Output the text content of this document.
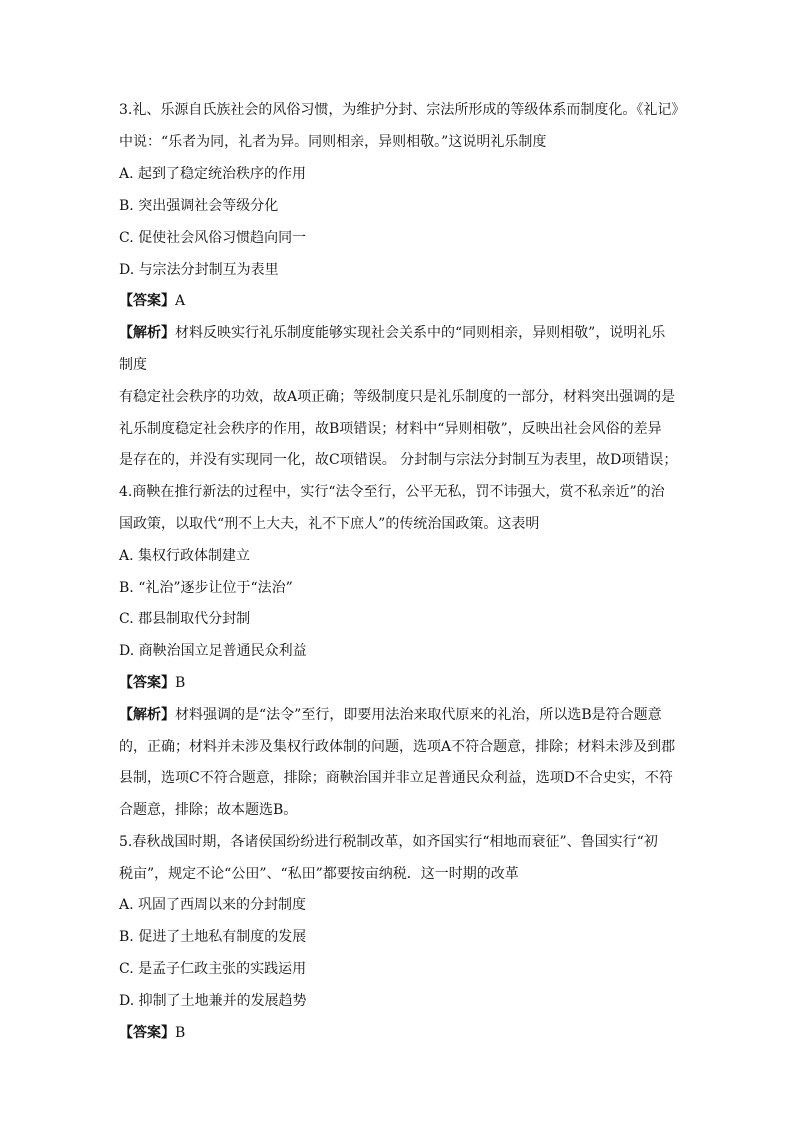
3.礼、乐源自氏族社会的风俗习惯，为维护分封、宗法所形成的等级体系而制度化。《礼记》
中说：“乐者为同，礼者为异。同则相亲，异则相敬。”这说明礼乐制度
A. 起到了稳定统治秩序的作用
B. 突出强调社会等级分化
C. 促使社会风俗习惯趋向同一
D. 与宗法分封制互为表里
【答案】A
【解析】材料反映实行礼乐制度能够实现社会关系中的“同则相亲，异则相敬”，说明礼乐
制度
有稳定社会秩序的功效，故A项正确；等级制度只是礼乐制度的一部分，材料突出强调的是
礼乐制度稳定社会秩序的作用，故B项错误；材料中“异则相敬”，反映出社会风俗的差异
是存在的，并没有实现同一化，故C项错误。 分封制与宗法分封制互为表里，故D项错误；
4.商鞅在推行新法的过程中，实行“法令至行，公平无私，罚不讳强大，赏不私亲近”的治
国政策，以取代“刑不上大夫，礼不下庶人”的传统治国政策。这表明
A. 集权行政体制建立
B. “礼治”逐步让位于“法治”
C. 郡县制取代分封制
D. 商鞅治国立足普通民众利益
【答案】B
【解析】材料强调的是“法令”至行，即要用法治来取代原来的礼治，所以选B是符合题意
的，正确；材料并未涉及集权行政体制的问题，选项A不符合题意，排除；材料未涉及到郡
县制，选项C不符合题意，排除；商鞅治国并非立足普通民众利益，选项D不合史实，不符
合题意，排除；故本题选B。
5.春秋战国时期，各诸侯国纷纷进行税制改革，如齐国实行“相地而衰征”、鲁国实行“初
税亩”，规定不论“公田”、“私田”都要按亩纳税．这一时期的改革
A. 巩固了西周以来的分封制度
B. 促进了土地私有制度的发展
C. 是孟子仁政主张的实践运用
D. 抑制了土地兼并的发展趋势
【答案】B
